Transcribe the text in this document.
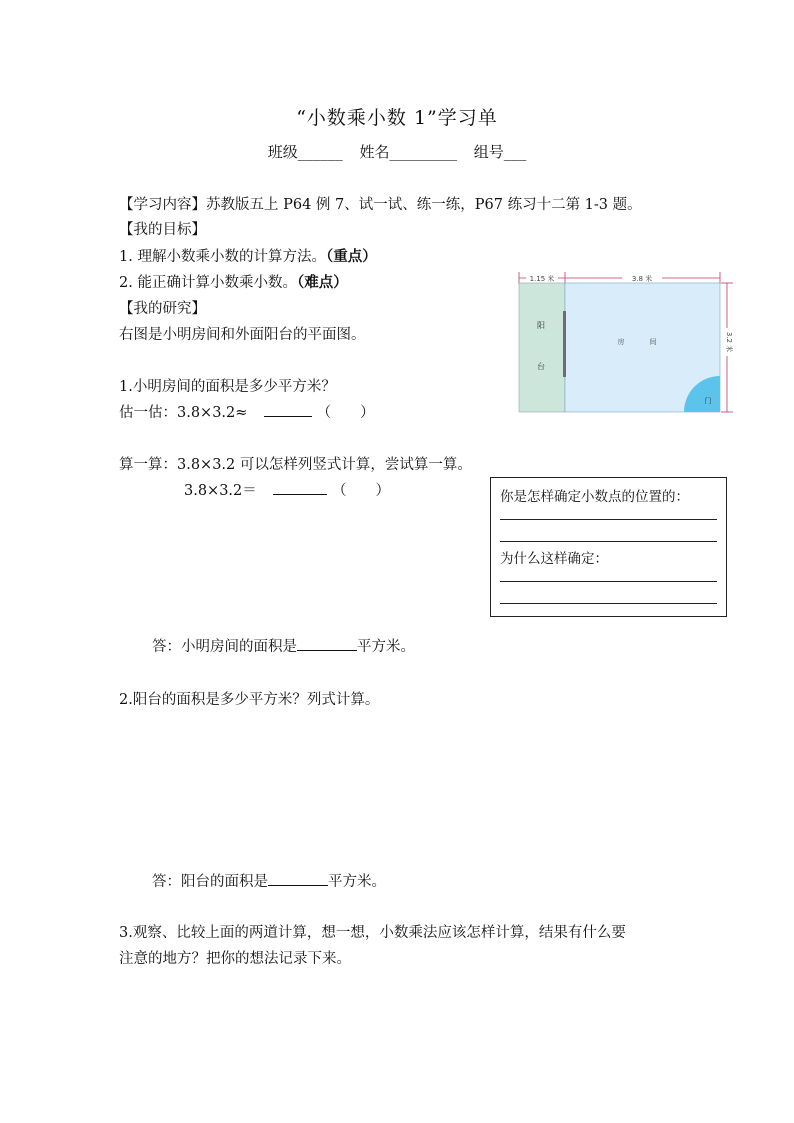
“小数乘小数 1”学习单
班级______ 姓名_________ 组号___
【学习内容】苏教版五上 P64 例 7、试一试、练一练，P67 练习十二第 1-3 题。
【我的目标】
1. 理解小数乘小数的计算方法。（重点）
2. 能正确计算小数乘小数。（难点）
【我的研究】
右图是小明房间和外面阳台的平面图。
1.小明房间的面积是多少平方米？
估一估：3.8×3.2≈	（　　）
算一算：3.8×3.2 可以怎样列竖式计算，尝试算一算。
3.8×3.2＝	（　　）
答：小明房间的面积是	平方米。
你是怎样确定小数点的位置的：
为什么这样确定：
2.阳台的面积是多少平方米？列式计算。
答：阳台的面积是	平方米。
3.观察、比较上面的两道计算，想一想，小数乘法应该怎样计算，结果有什么要
注意的地方？把你的想法记录下来。
1.15 米	3.8 米
3.2 米
阳
台
房	间
门
